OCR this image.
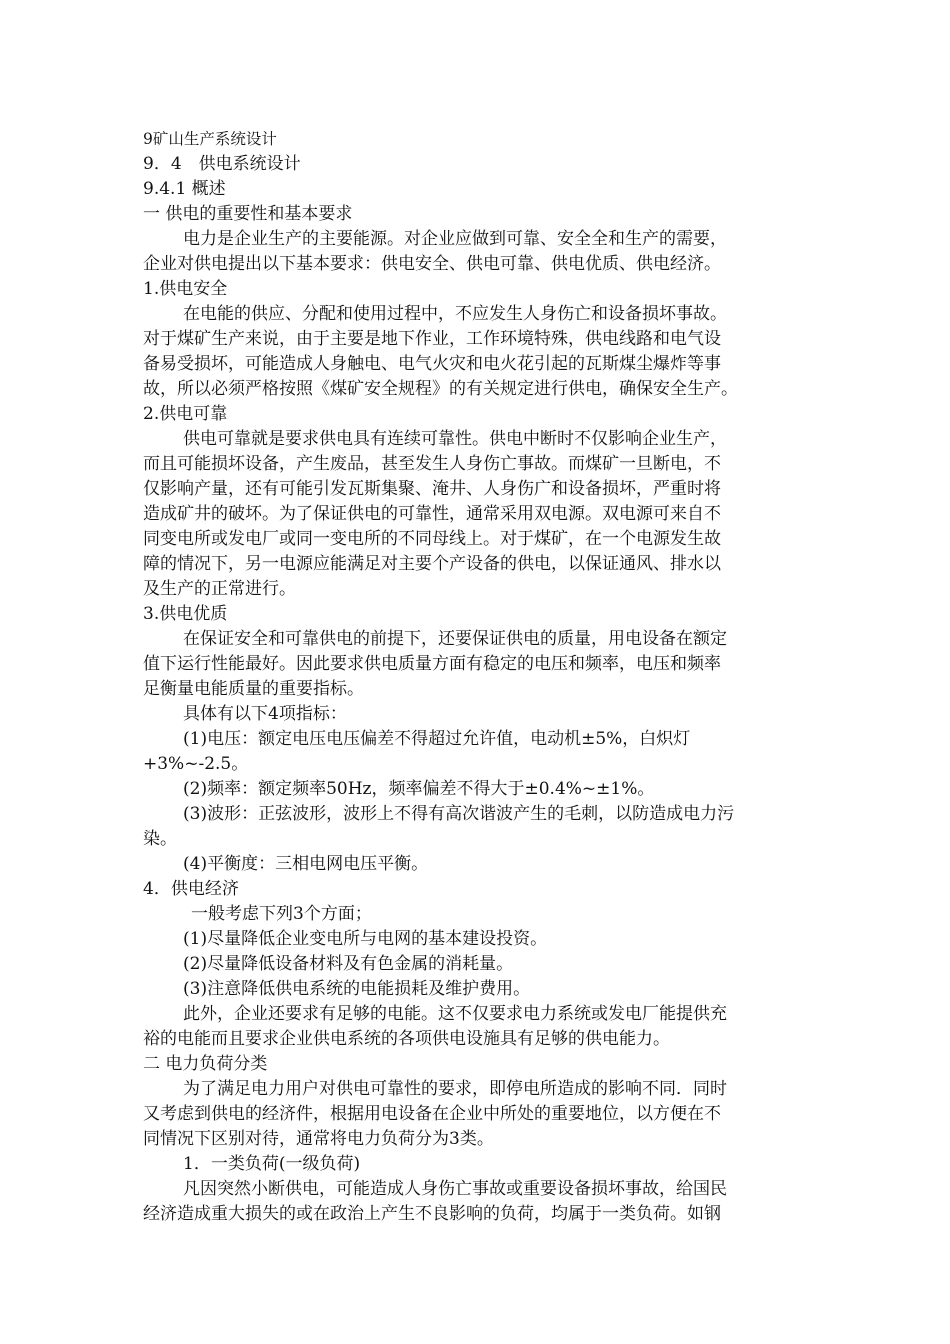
9矿山生产系统设计
9．4　供电系统设计
9.4.1 概述
一 供电的重要性和基本要求
电力是企业生产的主要能源。对企业应做到可靠、安全全和生产的需要，
企业对供电提出以下基本要求：供电安全、供电可靠、供电优质、供电经济。
1.供电安全
在电能的供应、分配和使用过程中，不应发生人身伤亡和设备损坏事故。
对于煤矿生产来说，由于主要是地下作业，工作环境特殊，供电线路和电气设
备易受损坏，可能造成人身触电、电气火灾和电火花引起的瓦斯煤尘爆炸等事
故，所以必须严格按照《煤矿安全规程》的有关规定进行供电，确保安全生产。
2.供电可靠
供电可靠就是要求供电具有连续可靠性。供电中断时不仅影响企业生产，
而且可能损坏设备，产生废品，甚至发生人身伤亡事故。而煤矿一旦断电，不
仅影响产量，还有可能引发瓦斯集聚、淹井、人身伤广和设备损坏，严重时将
造成矿井的破坏。为了保证供电的可靠性，通常采用双电源。双电源可来自不
同变电所或发电厂或同一变电所的不同母线上。对于煤矿，在一个电源发生故
障的情况下，另一电源应能满足对主要个产设备的供电，以保证通风、排水以
及生产的正常进行。
3.供电优质
在保证安全和可靠供电的前提下，还要保证供电的质量，用电设备在额定
值下运行性能最好。因此要求供电质量方面有稳定的电压和频率，电压和频率
足衡量电能质量的重要指标。
具体有以下4项指标：
(1)电压：额定电压电压偏差不得超过允许值，电动机±5%，白炽灯
+3%~-2.5。
(2)频率：额定频率50Hz，频率偏差不得大于±0.4%~±1%。
(3)波形：正弦波形，波形上不得有高次谐波产生的毛刺，以防造成电力污
染。
(4)平衡度：三相电网电压平衡。
4．供电经济
一般考虑下列3个方面；
(1)尽量降低企业变电所与电网的基本建设投资。
(2)尽量降低设备材料及有色金属的消耗量。
(3)注意降低供电系统的电能损耗及维护费用。
此外，企业还要求有足够的电能。这不仅要求电力系统或发电厂能提供充
裕的电能而且要求企业供电系统的各项供电设施具有足够的供电能力。
二 电力负荷分类
为了满足电力用户对供电可靠性的要求，即停电所造成的影响不同．同时
又考虑到供电的经济件，根据用电设备在企业中所处的重要地位，以方便在不
同情况下区别对待，通常将电力负荷分为3类。
1．一类负荷(一级负荷)
凡因突然小断供电，可能造成人身伤亡事故或重要设备损坏事故，给国民
经济造成重大损失的或在政治上产生不良影响的负荷，均属于一类负荷。如钢
